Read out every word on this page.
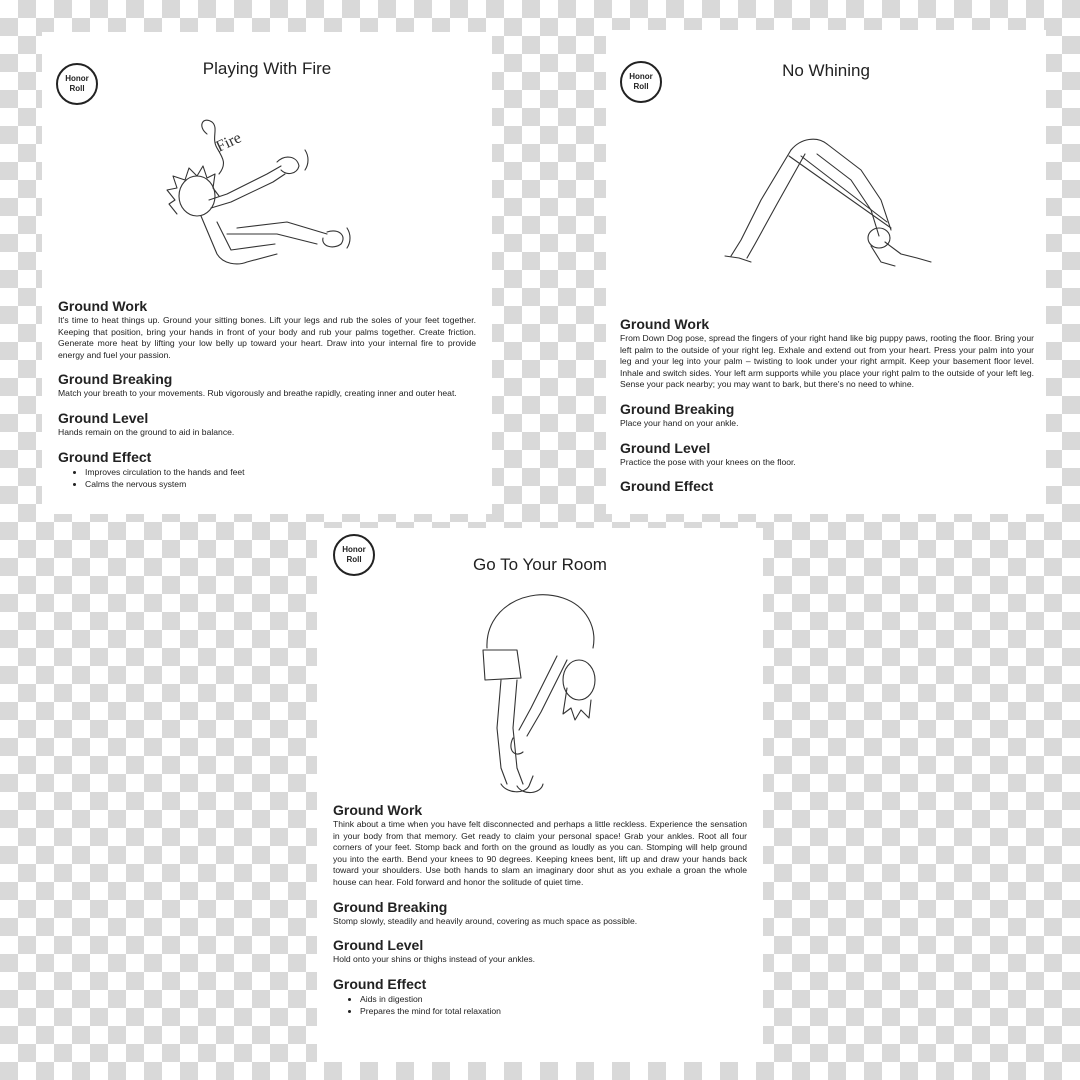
Honor
Roll
Playing With Fire
Fire
Ground Work

It's time to heat things up. Ground your sitting bones. Lift your legs and rub the soles of your feet together. Keeping that position, bring your hands in front of your body and rub your palms together. Create friction. Generate more heat by lifting your low belly up toward your heart. Draw into your internal fire to provide energy and fuel your passion.

Ground Breaking

Match your breath to your movements. Rub vigorously and breathe rapidly, creating inner and outer heat.

Ground Level

Hands remain on the ground to aid in balance.

Ground Effect
• Improves circulation to the hands and feet
• Calms the nervous system
Honor
Roll
No Whining
Ground Work

From Down Dog pose, spread the fingers of your right hand like big puppy paws, rooting the floor. Bring your left palm to the outside of your right leg. Exhale and extend out from your heart. Press your palm into your leg and your leg into your palm – twisting to look under your right armpit. Keep your basement floor level. Inhale and switch sides. Your left arm supports while you place your right palm to the outside of your left leg. Sense your pack nearby; you may want to bark, but there's no need to whine.

Ground Breaking

Place your hand on your ankle.

Ground Level

Practice the pose with your knees on the floor.

Ground Effect
Honor
Roll	Go To Your Room
Ground Work

Think about a time when you have felt disconnected and perhaps a little reckless. Experience the sensation in your body from that memory. Get ready to claim your personal space! Grab your ankles. Root all four corners of your feet. Stomp back and forth on the ground as loudly as you can. Stomping will help ground you into the earth. Bend your knees to 90 degrees. Keeping knees bent, lift up and draw your hands back toward your shoulders. Use both hands to slam an imaginary door shut as you exhale a groan the whole house can hear. Fold forward and honor the solitude of quiet time.

Ground Breaking

Stomp slowly, steadily and heavily around, covering as much space as possible.

Ground Level

Hold onto your shins or thighs instead of your ankles.

Ground Effect
• Aids in digestion
• Prepares the mind for total relaxation
